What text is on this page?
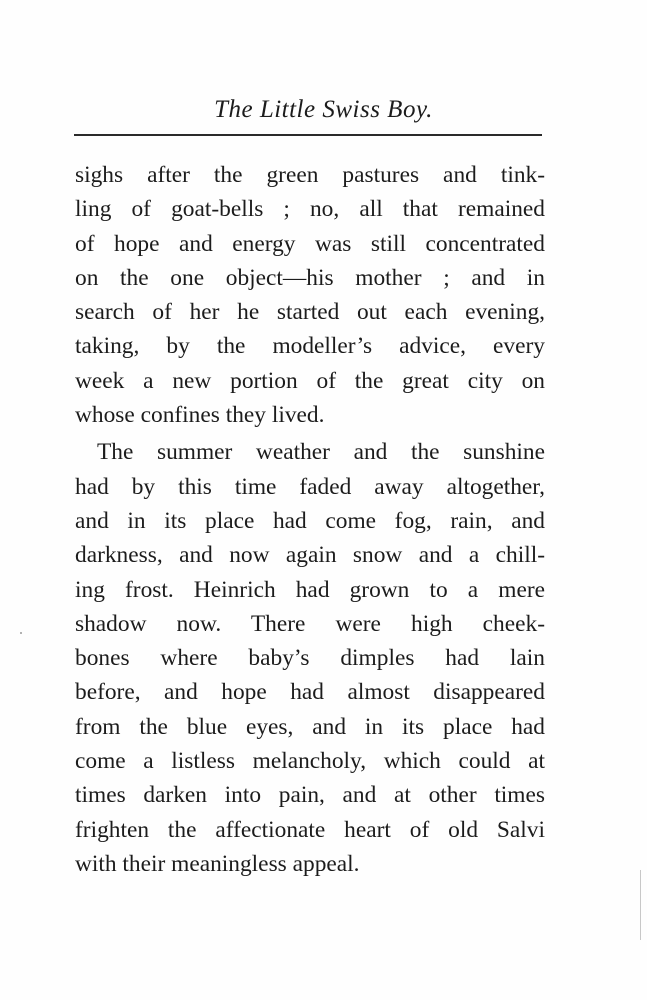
The Little Swiss Boy.
sighs after the green pastures and tink-
ling of goat-bells ; no, all that remained
of hope and energy was still concentrated
on the one object—his mother ; and in
search of her he started out each evening,
taking, by the modeller’s advice, every
week a new portion of the great city on
whose confines they lived.
The summer weather and the sunshine
had by this time faded away altogether,
and in its place had come fog, rain, and
darkness, and now again snow and a chill-
ing frost. Heinrich had grown to a mere
shadow now. There were high cheek-
bones where baby’s dimples had lain
before, and hope had almost disappeared
from the blue eyes, and in its place had
come a listless melancholy, which could at
times darken into pain, and at other times
frighten the affectionate heart of old Salvi
with their meaningless appeal.
